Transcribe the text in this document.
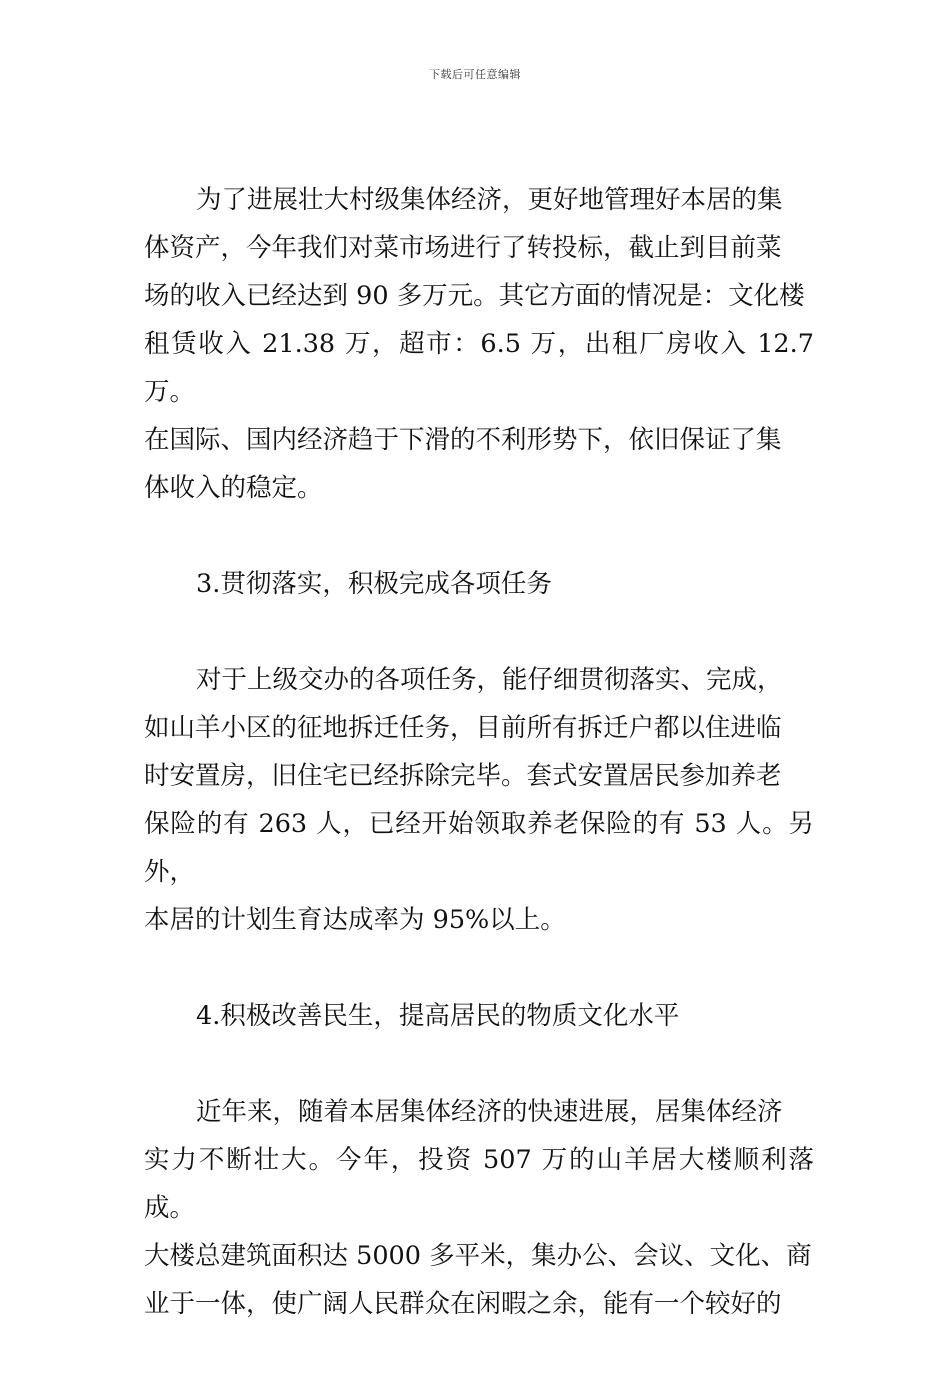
下载后可任意编辑
为了进展壮大村级集体经济，更好地管理好本居的集
体资产，今年我们对菜市场进行了转投标，截止到目前菜
场的收入已经达到 90 多万元。其它方面的情况是：文化楼
租赁收入 21.38 万，超市：6.5 万，出租厂房收入 12.7 万。
在国际、国内经济趋于下滑的不利形势下，依旧保证了集
体收入的稳定。
3.贯彻落实，积极完成各项任务
对于上级交办的各项任务，能仔细贯彻落实、完成，
如山羊小区的征地拆迁任务，目前所有拆迁户都以住进临
时安置房，旧住宅已经拆除完毕。套式安置居民参加养老
保险的有 263 人，已经开始领取养老保险的有 53 人。另外，
本居的计划生育达成率为 95%以上。
4.积极改善民生，提高居民的物质文化水平
近年来，随着本居集体经济的快速进展，居集体经济
实力不断壮大。今年，投资 507 万的山羊居大楼顺利落成。
大楼总建筑面积达 5000 多平米，集办公、会议、文化、商
业于一体，使广阔人民群众在闲暇之余，能有一个较好的
